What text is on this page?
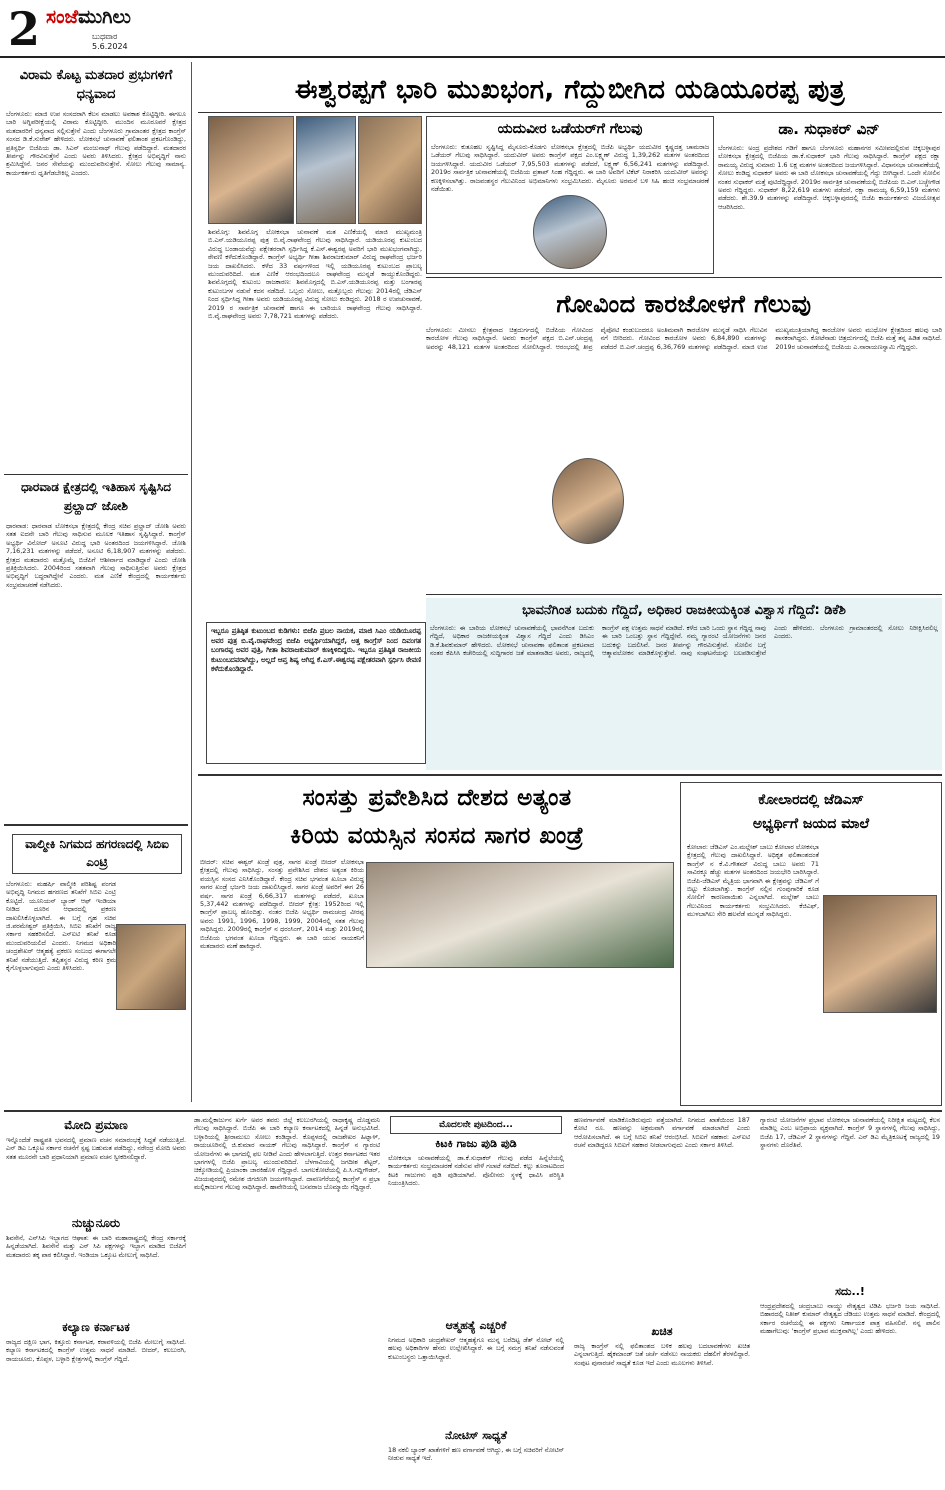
2 ಸಂಜೆಮುಗಿಲು
ಬುಧವಾರ
5.6.2024
ವಿರಾಮ ಕೊಟ್ಟ ಮತದಾರ ಪ್ರಭುಗಳಿಗೆ ಧನ್ಯವಾದ
ಬೆಂಗಳೂರು: ಮಾಜಿ ಉಪ ಸಂಸದರಾಗಿ ಕೆಲಸ ಮಾಡಲು ಅವಕಾಶ ಕೊಟ್ಟಿದ್ದೀರಿ. ಈಗಲೂ ಬಾರಿ ಅಗ್ನಿಪರೀಕ್ಷೆಯಲ್ಲಿ ವಿರಾಮ ಕೊಟ್ಟಿದ್ದೀರಿ. ಮುಂದಿನ ಮೂರೂವರೆ ಕ್ಷೇತ್ರದ ಮತದಾರರಿಗೆ ಧನ್ಯವಾದ ಸಲ್ಲಿಸುತ್ತೇನೆ ಎಂದು ಬೆಂಗಳೂರು ಗ್ರಾಮಾಂತರ ಕ್ಷೇತ್ರದ ಕಾಂಗ್ರೆಸ್ ಸಂಸದ ಡಿ.ಕೆ.ಸುರೇಶ್ ಹೇಳಿದರು. ಲೋಕಸಭೆ ಚುನಾವಣೆ ಫಲಿತಾಂಶ ಪ್ರಕಟಗೊಂಡಿದ್ದು, ಪ್ರತಿಸ್ಪರ್ಧಿ ಬಿಜೆಪಿಯ ಡಾ. ಸಿಎನ್ ಮಂಜುನಾಥ್ ಗೆಲುವು ಪಡೆದಿದ್ದಾರೆ. ಮತದಾರರ ತೀರ್ಪನ್ನು ಗೌರವಿಸುತ್ತೇನೆ ಎಂದು ಅವರು ತಿಳಿಸಿದರು. ಕ್ಷೇತ್ರದ ಅಭಿವೃದ್ಧಿಗೆ ನಾನು ಶ್ರಮಿಸಿದ್ದೇನೆ. ಜನರ ಸೇವೆಯನ್ನು ಮುಂದುವರಿಸುತ್ತೇನೆ. ಸೋಲು ಗೆಲುವು ಸಾಮಾನ್ಯ. ಕಾರ್ಯಕರ್ತರು ಧೃತಿಗೆಡಬೇಕಿಲ್ಲ ಎಂದರು.
ಧಾರವಾಡ ಕ್ಷೇತ್ರದಲ್ಲಿ ಇತಿಹಾಸ ಸೃಷ್ಟಿಸಿದ ಪ್ರಲ್ಹಾದ್ ಜೋಶಿ
ಧಾರವಾಡ: ಧಾರವಾಡ ಲೋಕಸಭಾ ಕ್ಷೇತ್ರದಲ್ಲಿ ಕೇಂದ್ರ ಸಚಿವ ಪ್ರಲ್ಹಾದ್ ಜೋಶಿ ಅವರು ಸತತ ಐದನೇ ಬಾರಿ ಗೆಲುವು ಸಾಧಿಸುವ ಮೂಲಕ ಇತಿಹಾಸ ಸೃಷ್ಟಿಸಿದ್ದಾರೆ. ಕಾಂಗ್ರೆಸ್ ಅಭ್ಯರ್ಥಿ ವಿನೋದ್ ಅಸೂಟಿ ವಿರುದ್ಧ ಭಾರಿ ಅಂತರದಿಂದ ಜಯಗಳಿಸಿದ್ದಾರೆ. ಜೋಶಿ 7,16,231 ಮತಗಳನ್ನು ಪಡೆದರೆ, ಅಸೂಟಿ 6,18,907 ಮತಗಳನ್ನು ಪಡೆದರು. ಕ್ಷೇತ್ರದ ಮತದಾರರು ಮತ್ತೊಮ್ಮೆ ಬಿಜೆಪಿಗೆ ಆಶೀರ್ವಾದ ಮಾಡಿದ್ದಾರೆ ಎಂದು ಜೋಶಿ ಪ್ರತಿಕ್ರಿಯಿಸಿದರು. 2004ರಿಂದ ಸತತವಾಗಿ ಗೆಲುವು ಸಾಧಿಸುತ್ತಿರುವ ಅವರು ಕ್ಷೇತ್ರದ ಅಭಿವೃದ್ಧಿಗೆ ಬದ್ಧರಾಗಿದ್ದೇನೆ ಎಂದರು. ಮತ ಎಣಿಕೆ ಕೇಂದ್ರದಲ್ಲಿ ಕಾರ್ಯಕರ್ತರು ಸಂಭ್ರಮಾಚರಣೆ ನಡೆಸಿದರು.
ವಾಲ್ಮೀಕಿ ನಿಗಮದ ಹಗರಣದಲ್ಲಿ ಸಿಬಿಐ ಎಂಟ್ರಿ
ಬೆಂಗಳೂರು: ಮಹರ್ಷಿ ವಾಲ್ಮೀಕಿ ಪರಿಶಿಷ್ಟ ಪಂಗಡ ಅಭಿವೃದ್ಧಿ ನಿಗಮದ ಹಗರಣದ ತನಿಖೆಗೆ ಸಿಬಿಐ ಎಂಟ್ರಿ ಕೊಟ್ಟಿದೆ. ಯೂನಿಯನ್ ಬ್ಯಾಂಕ್ ಆಫ್ ಇಂಡಿಯಾ ನೀಡಿದ ದೂರಿನ ಆಧಾರದಲ್ಲಿ ಪ್ರಕರಣ ದಾಖಲಿಸಿಕೊಳ್ಳಲಾಗಿದೆ. ಈ ಬಗ್ಗೆ ಗೃಹ ಸಚಿವ ಜಿ.ಪರಮೇಶ್ವರ್ ಪ್ರತಿಕ್ರಿಯಿಸಿ, ಸಿಬಿಐ ತನಿಖೆಗೆ ರಾಜ್ಯ ಸರ್ಕಾರ ಸಹಕರಿಸಲಿದೆ. ಎಸ್ಐಟಿ ತನಿಖೆ ಕೂಡ ಮುಂದುವರಿಯಲಿದೆ ಎಂದರು. ನಿಗಮದ ಅಧಿಕಾರಿ ಚಂದ್ರಶೇಖರ್ ಆತ್ಮಹತ್ಯೆ ಪ್ರಕರಣ ಸಂಬಂಧ ಈಗಾಗಲೇ ತನಿಖೆ ನಡೆಯುತ್ತಿದೆ. ತಪ್ಪಿತಸ್ಥರ ವಿರುದ್ಧ ಕಠಿಣ ಕ್ರಮ ಕೈಗೊಳ್ಳಲಾಗುವುದು ಎಂದು ತಿಳಿಸಿದರು.
ಈಶ್ವರಪ್ಪಗೆ ಭಾರಿ ಮುಖಭಂಗ, ಗೆದ್ದುಬೀಗಿದ ಯಡಿಯೂರಪ್ಪ ಪುತ್ರ
ಶಿವಮೊಗ್ಗ: ಶಿವಮೊಗ್ಗ ಲೋಕಸಭಾ ಚುನಾವಣೆ ಮತ ಎಣಿಕೆಯಲ್ಲಿ ಮಾಜಿ ಮುಖ್ಯಮಂತ್ರಿ ಬಿ.ಎಸ್.ಯಡಿಯೂರಪ್ಪ ಪುತ್ರ ಬಿ.ವೈ.ರಾಘವೇಂದ್ರ ಗೆಲುವು ಸಾಧಿಸಿದ್ದಾರೆ. ಯಡಿಯೂರಪ್ಪ ಕುಟುಂಬದ ವಿರುದ್ಧ ಬಂಡಾಯವೆದ್ದು ಪಕ್ಷೇತರರಾಗಿ ಸ್ಪರ್ಧಿಸಿದ್ದ ಕೆ.ಎಸ್.ಈಶ್ವರಪ್ಪ ಅವರಿಗೆ ಭಾರಿ ಮುಖಭಂಗವಾಗಿದ್ದು, ಠೇವಣಿ ಕಳೆದುಕೊಂಡಿದ್ದಾರೆ. ಕಾಂಗ್ರೆಸ್ ಅಭ್ಯರ್ಥಿ ಗೀತಾ ಶಿವರಾಜಕುಮಾರ್ ವಿರುದ್ಧ ರಾಘವೇಂದ್ರ ಭರ್ಜರಿ ಜಯ ದಾಖಲಿಸಿದರು. ಕಳೆದ 33 ವರ್ಷಗಳಿಂದ ಇಲ್ಲಿ ಯಡಿಯೂರಪ್ಪ ಕುಟುಂಬದ ಪ್ರಾಬಲ್ಯ ಮುಂದುವರಿದಿದೆ. ಮತ ಎಣಿಕೆ ಆರಂಭದಿಂದಲೂ ರಾಘವೇಂದ್ರ ಮುನ್ನಡೆ ಕಾಯ್ದುಕೊಂಡಿದ್ದರು. ಶಿವಮೊಗ್ಗದಲ್ಲಿ ಕುಟುಂಬ ರಾಜಕಾರಣ: ಶಿವಮೊಗ್ಗದಲ್ಲಿ ಬಿ.ಎಸ್.ಯಡಿಯೂರಪ್ಪ ಮತ್ತು ಬಂಗಾರಪ್ಪ ಕುಟುಂಬಗಳ ನಡುವೆ ಕದನ ನಡೆದಿದೆ. ಒಬ್ಬರು ಸೋಲು, ಮತ್ತೊಬ್ಬರು ಗೆಲುವು: 2014ರಲ್ಲಿ ಜೆಡಿಎಸ್ ನಿಂದ ಸ್ಪರ್ಧಿಸಿದ್ದ ಗೀತಾ ಅವರು ಯಡಿಯೂರಪ್ಪ ವಿರುದ್ಧ ಸೋಲು ಕಂಡಿದ್ದರು. 2018 ರ ಉಪಚುನಾವಣೆ, 2019 ರ ಸಾರ್ವತ್ರಿಕ ಚುನಾವಣೆ ಹಾಗೂ ಈ ಬಾರಿಯೂ ರಾಘವೇಂದ್ರ ಗೆಲುವು ಸಾಧಿಸಿದ್ದಾರೆ. ಬಿ.ವೈ.ರಾಘವೇಂದ್ರ ಅವರು 7,78,721 ಮತಗಳನ್ನು ಪಡೆದರು.
ಇಬ್ಬರೂ ಪ್ರತಿಷ್ಠಿತ ಕುಟುಂಬದ ಕುಡಿಗಳು: ಬಿಜೆಪಿ ಪ್ರಬಲ ನಾಯಕ, ಮಾಜಿ ಸಿಎಂ ಯಡಿಯೂರಪ್ಪ ಅವರ ಪುತ್ರ ಬಿ.ವೈ.ರಾಘವೇಂದ್ರ ಬಿಜೆಪಿ ಅಭ್ಯರ್ಥಿಯಾಗಿದ್ದರೆ, ಅತ್ತ ಕಾಂಗ್ರೆಸ್ ನಿಂದ ದಿವಂಗತ ಬಂಗಾರಪ್ಪ ಅವರ ಪುತ್ರಿ, ಗೀತಾ ಶಿವರಾಜಕುಮಾರ್ ಕಣಕ್ಕಿಳಿದಿದ್ದರು. ಇಬ್ಬರೂ ಪ್ರತಿಷ್ಠಿತ ರಾಜಕೀಯ ಕುಟುಂಬದವರಾಗಿದ್ದು, ಅಲ್ಲದೆ ಆಪ್ತ ಶಿಷ್ಯ ಆಗಿದ್ದ ಕೆ.ಎಸ್.ಈಶ್ವರಪ್ಪ ಪಕ್ಷೇತರವಾಗಿ ಸ್ಪರ್ಧಿಸಿ ಠೇವಣಿ ಕಳೆದುಕೊಂಡಿದ್ದಾರೆ.
ಯದುವೀರ ಒಡೆಯರ್‌ಗೆ ಗೆಲುವು
ಬೆಂಗಳೂರು: ಕುತೂಹಲ ಸೃಷ್ಟಿಸಿದ್ದ ಮೈಸೂರು-ಕೊಡಗು ಲೋಕಸಭಾ ಕ್ಷೇತ್ರದಲ್ಲಿ ಬಿಜೆಪಿ ಅಭ್ಯರ್ಥಿ ಯದುವೀರ ಕೃಷ್ಣದತ್ತ ಚಾಮರಾಜ ಒಡೆಯರ್ ಗೆಲುವು ಸಾಧಿಸಿದ್ದಾರೆ. ಯದುವೀರ್ ಅವರು ಕಾಂಗ್ರೆಸ್ ಪಕ್ಷದ ಎಂ.ಲಕ್ಷ್ಮಣ್ ವಿರುದ್ಧ 1,39,262 ಮತಗಳ ಅಂತರದಿಂದ ಜಯಗಳಿಸಿದ್ದಾರೆ. ಯದುವೀರ ಒಡೆಯರ್ 7,95,503 ಮತಗಳನ್ನು ಪಡೆದರೆ, ಲಕ್ಷ್ಮಣ್ 6,56,241 ಮತಗಳನ್ನು ಪಡೆದಿದ್ದಾರೆ. 2019ರ ಸಾರ್ವತ್ರಿಕ ಚುನಾವಣೆಯಲ್ಲಿ ಬಿಜೆಪಿಯ ಪ್ರತಾಪ್ ಸಿಂಹ ಗೆದ್ದಿದ್ದರು. ಈ ಬಾರಿ ಅವರಿಗೆ ಟಿಕೆಟ್ ನಿರಾಕರಿಸಿ ಯದುವೀರ್ ಅವರನ್ನು ಕಣಕ್ಕಿಳಿಸಲಾಗಿತ್ತು. ರಾಜವಂಶಸ್ಥರ ಗೆಲುವಿನಿಂದ ಅಭಿಮಾನಿಗಳು ಸಂಭ್ರಮಿಸಿದರು. ಮೈಸೂರು ಅರಮನೆ ಬಳಿ ಸಿಹಿ ಹಂಚಿ ಸಂಭ್ರಮಾಚರಣೆ ನಡೆಯಿತು.
ಡಾ. ಸುಧಾಕರ್ ವಿನ್
ಬೆಂಗಳೂರು: ಅಂದ್ರ ಪ್ರದೇಶದ ಗಡಿಗೆ ಹಾಗೂ ಬೆಂಗಳೂರು ಮಹಾನಗರ ಸಮೀಪದಲ್ಲಿರುವ ಚಿಕ್ಕಬಳ್ಳಾಪುರ ಲೋಕಸಭಾ ಕ್ಷೇತ್ರದಲ್ಲಿ ಬಿಜೆಪಿಯ ಡಾ.ಕೆ.ಸುಧಾಕರ್ ಭಾರಿ ಗೆಲುವು ಸಾಧಿಸಿದ್ದಾರೆ. ಕಾಂಗ್ರೆಸ್ ಪಕ್ಷದ ರಕ್ಷಾ ರಾಮಯ್ಯ ವಿರುದ್ಧ ಸುಮಾರು 1.6 ಲಕ್ಷ ಮತಗಳ ಅಂತರದಿಂದ ಜಯಗಳಿಸಿದ್ದಾರೆ. ವಿಧಾನಸಭಾ ಚುನಾವಣೆಯಲ್ಲಿ ಸೋಲು ಕಂಡಿದ್ದ ಸುಧಾಕರ್ ಅವರು ಈ ಬಾರಿ ಲೋಕಸಭಾ ಚುನಾವಣೆಯಲ್ಲಿ ಗೆದ್ದು ಬೀಗಿದ್ದಾರೆ. ಒಂದೇ ಸೋಲಿನ ನಂತರ ಸುಧಾಕರ್ ಮತ್ತೆ ಪುಟಿದೆದ್ದಿದ್ದಾರೆ. 2019ರ ಸಾರ್ವತ್ರಿಕ ಚುನಾವಣೆಯಲ್ಲಿ ಬಿಜೆಪಿಯ ಬಿ.ಎನ್.ಬಚ್ಚೇಗೌಡ ಅವರು ಗೆದ್ದಿದ್ದರು. ಸುಧಾಕರ್ 8,22,619 ಮತಗಳು ಪಡೆದರೆ, ರಕ್ಷಾ ರಾಮಯ್ಯ 6,59,159 ಮತಗಳು ಪಡೆದರು. ಶೇ.39.9 ಮತಗಳನ್ನು ಪಡೆದಿದ್ದಾರೆ. ಚಿಕ್ಕಬಳ್ಳಾಪುರದಲ್ಲಿ ಬಿಜೆಪಿ ಕಾರ್ಯಕರ್ತರು ವಿಜಯೋತ್ಸವ ಆಚರಿಸಿದರು.
ಗೋವಿಂದ ಕಾರಜೋಳಗೆ ಗೆಲುವು
ಬೆಂಗಳೂರು: ಮೀಸಲು ಕ್ಷೇತ್ರವಾದ ಚಿತ್ರದುರ್ಗದಲ್ಲಿ ಬಿಜೆಪಿಯ ಗೋವಿಂದ ಕಾರಜೋಳ ಗೆಲುವು ಸಾಧಿಸಿದ್ದಾರೆ. ಅವರು ಕಾಂಗ್ರೆಸ್ ಪಕ್ಷದ ಬಿ.ಎನ್.ಚಂದ್ರಪ್ಪ ಅವರನ್ನು 48,121 ಮತಗಳ ಅಂತರದಿಂದ ಸೋಲಿಸಿದ್ದಾರೆ. ಆರಂಭದಲ್ಲಿ ತೀವ್ರ ಪೈಪೋಟಿ ಕಂಡುಬಂದರೂ ಅಂತಿಮವಾಗಿ ಕಾರಜೋಳ ಮುನ್ನಡೆ ಸಾಧಿಸಿ ಗೆಲುವಿನ ನಗೆ ಬೀರಿದರು. ಗೋವಿಂದ ಕಾರಜೋಳ ಅವರು 6,84,890 ಮತಗಳನ್ನು ಪಡೆದರೆ ಬಿ.ಎನ್.ಚಂದ್ರಪ್ಪ 6,36,769 ಮತಗಳನ್ನು ಪಡೆದಿದ್ದಾರೆ. ಮಾಜಿ ಉಪ ಮುಖ್ಯಮಂತ್ರಿಯಾಗಿದ್ದ ಕಾರಜೋಳ ಅವರು ಮುಧೋಳ ಕ್ಷೇತ್ರದಿಂದ ಹಲವು ಬಾರಿ ಶಾಸಕರಾಗಿದ್ದರು. ಕೋಟೆನಾಡು ಚಿತ್ರದುರ್ಗದಲ್ಲಿ ಬಿಜೆಪಿ ಮತ್ತೆ ತನ್ನ ಹಿಡಿತ ಸಾಧಿಸಿದೆ. 2019ರ ಚುನಾವಣೆಯಲ್ಲಿ ಬಿಜೆಪಿಯ ಎ.ನಾರಾಯಣಸ್ವಾಮಿ ಗೆದ್ದಿದ್ದರು.
ಭಾವನೆಗಿಂತ ಬದುಕು ಗೆದ್ದಿದೆ, ಅಧಿಕಾರ ರಾಜಕೀಯಕ್ಕಿಂತ ವಿಶ್ವಾಸ ಗೆದ್ದಿದೆ: ಡಿಕೆಶಿ
ಬೆಂಗಳೂರು: ಈ ಬಾರಿಯ ಲೋಕಸಭೆ ಚುನಾವಣೆಯಲ್ಲಿ ಭಾವನೆಗಿಂತ ಬದುಕು ಗೆದ್ದಿದೆ, ಅಧಿಕಾರ ರಾಜಕೀಯಕ್ಕಿಂತ ವಿಶ್ವಾಸ ಗೆದ್ದಿದೆ ಎಂದು ಡಿಸಿಎಂ ಡಿ.ಕೆ.ಶಿವಕುಮಾರ್ ಹೇಳಿದರು. ಲೋಕಸಭೆ ಚುನಾವಣಾ ಫಲಿತಾಂಶ ಪ್ರಕಟವಾದ ನಂತರ ಕೆಪಿಸಿಸಿ ಕಚೇರಿಯಲ್ಲಿ ಸುದ್ದಿಗಾರರ ಜತೆ ಮಾತನಾಡಿದ ಅವರು, ರಾಜ್ಯದಲ್ಲಿ ಕಾಂಗ್ರೆಸ್ ಪಕ್ಷ ಉತ್ತಮ ಸಾಧನೆ ಮಾಡಿದೆ. ಕಳೆದ ಬಾರಿ ಒಂದು ಸ್ಥಾನ ಗೆದ್ದಿದ್ದ ನಾವು ಈ ಬಾರಿ ಒಂಬತ್ತು ಸ್ಥಾನ ಗೆದ್ದಿದ್ದೇವೆ. ನಮ್ಮ ಗ್ಯಾರಂಟಿ ಯೋಜನೆಗಳು ಜನರ ಬದುಕನ್ನು ಬದಲಿಸಿವೆ. ಜನರ ತೀರ್ಪನ್ನು ಗೌರವಿಸುತ್ತೇವೆ. ಸೋಲಿನ ಬಗ್ಗೆ ಆತ್ಮಾವಲೋಕನ ಮಾಡಿಕೊಳ್ಳುತ್ತೇವೆ. ನಾವು ಸಂಘಟನೆಯನ್ನು ಬಲಪಡಿಸುತ್ತೇವೆ ಎಂದು ಹೇಳಿದರು. ಬೆಂಗಳೂರು ಗ್ರಾಮಾಂತರದಲ್ಲಿ ಸೋಲು ನಿರೀಕ್ಷಿಸಿರಲಿಲ್ಲ ಎಂದರು.
ಸಂಸತ್ತು ಪ್ರವೇಶಿಸಿದ ದೇಶದ ಅತ್ಯಂತ
ಕಿರಿಯ ವಯಸ್ಸಿನ ಸಂಸದ ಸಾಗರ ಖಂಡ್ರೆ
ಬೀದರ್: ಸಚಿವ ಈಶ್ವರ್ ಖಂಡ್ರೆ ಪುತ್ರ, ಸಾಗರ ಖಂಡ್ರೆ ಬೀದರ್ ಲೋಕಸಭಾ ಕ್ಷೇತ್ರದಲ್ಲಿ ಗೆಲುವು ಸಾಧಿಸಿದ್ದು, ಸಂಸತ್ತು ಪ್ರವೇಶಿಸಿದ ದೇಶದ ಅತ್ಯಂತ ಕಿರಿಯ ವಯಸ್ಸಿನ ಸಂಸದ ಎನಿಸಿಕೊಂಡಿದ್ದಾರೆ. ಕೇಂದ್ರ ಸಚಿವ ಭಗವಂತ ಖೂಬಾ ವಿರುದ್ಧ ಸಾಗರ ಖಂಡ್ರೆ ಭರ್ಜರಿ ಜಯ ದಾಖಲಿಸಿದ್ದಾರೆ. ಸಾಗರ ಖಂಡ್ರೆ ಅವರಿಗೆ ಈಗ 26 ವರ್ಷ. ಸಾಗರ ಖಂಡ್ರೆ 6,66,317 ಮತಗಳನ್ನು ಪಡೆದರೆ, ಖೂಬಾ 5,37,442 ಮತಗಳನ್ನು ಪಡೆದಿದ್ದಾರೆ. ಬೀದರ್ ಕ್ಷೇತ್ರ: 1952ರಿಂದ ಇಲ್ಲಿ ಕಾಂಗ್ರೆಸ್ ಪ್ರಾಬಲ್ಯ ಹೊಂದಿತ್ತು. ನಂತರ ಬಿಜೆಪಿ ಅಭ್ಯರ್ಥಿ ರಾಮಚಂದ್ರ ವೀರಪ್ಪ ಅವರು 1991, 1996, 1998, 1999, 2004ರಲ್ಲಿ ಸತತ ಗೆಲುವು ಸಾಧಿಸಿದ್ದರು. 2009ರಲ್ಲಿ ಕಾಂಗ್ರೆಸ್ ನ ಧರಂಸಿಂಗ್, 2014 ಮತ್ತು 2019ರಲ್ಲಿ ಬಿಜೆಪಿಯ ಭಗವಂತ ಖೂಬಾ ಗೆದ್ದಿದ್ದರು. ಈ ಬಾರಿ ಯುವ ನಾಯಕನಿಗೆ ಮತದಾರರು ಮಣೆ ಹಾಕಿದ್ದಾರೆ.
ಕೋಲಾರದಲ್ಲಿ ಜೆಡಿಎಸ್
ಅಭ್ಯರ್ಥಿಗೆ ಜಯದ ಮಾಲೆ
ಕೋಲಾರ: ಜೆಡಿಎಸ್ ಎಂ.ಮಲ್ಲೇಶ್ ಬಾಬು ಕೋಲಾರ ಲೋಕಸಭಾ ಕ್ಷೇತ್ರದಲ್ಲಿ ಗೆಲುವು ದಾಖಲಿಸಿದ್ದಾರೆ. ಅಧಿಕೃತ ಫಲಿತಾಂಶದಂತೆ ಕಾಂಗ್ರೆಸ್ ನ ಕೆ.ವಿ.ಗೌತಮ್ ವಿರುದ್ಧ ಬಾಬು ಅವರು 71 ಸಾವಿರಕ್ಕೂ ಹೆಚ್ಚು ಮತಗಳ ಅಂತರದಿಂದ ಜಯಭೇರಿ ಬಾರಿಸಿದ್ದಾರೆ. ಬಿಜೆಪಿ-ಜೆಡಿಎಸ್ ಮೈತ್ರಿಯ ಭಾಗವಾಗಿ ಈ ಕ್ಷೇತ್ರವನ್ನು ಜೆಡಿಎಸ್ ಗೆ ಬಿಟ್ಟು ಕೊಡಲಾಗಿತ್ತು. ಕಾಂಗ್ರೆಸ್ ನಲ್ಲಿನ ಗುಂಪುಗಾರಿಕೆ ಕೂಡ ಸೋಲಿಗೆ ಕಾರಣವಾಯಿತು ಎನ್ನಲಾಗಿದೆ. ಮಲ್ಲೇಶ್ ಬಾಬು ಗೆಲುವಿನಿಂದ ಕಾರ್ಯಕರ್ತರು ಸಂಭ್ರಮಿಸಿದರು. ಕೆಜಿಎಫ್, ಮುಳಬಾಗಿಲು ಸೇರಿ ಹಲವೆಡೆ ಮುನ್ನಡೆ ಸಾಧಿಸಿದ್ದರು.
ಮೋದಿ ಪ್ರಮಾಣ
ಇನ್ನೊಂದೆಡೆ ರಾಷ್ಟ್ರಪತಿ ಭವನದಲ್ಲಿ ಪ್ರಮಾಣ ವಚನ ಸಮಾರಂಭಕ್ಕೆ ಸಿದ್ಧತೆ ನಡೆಯುತ್ತಿದೆ. ಎನ್ ಡಿಎ ಒಕ್ಕೂಟ ಸರ್ಕಾರ ರಚನೆಗೆ ಸ್ಪಷ್ಟ ಬಹುಮತ ಪಡೆದಿದ್ದು, ನರೇಂದ್ರ ಮೋದಿ ಅವರು ಸತತ ಮೂರನೇ ಬಾರಿ ಪ್ರಧಾನಿಯಾಗಿ ಪ್ರಮಾಣ ವಚನ ಸ್ವೀಕರಿಸಲಿದ್ದಾರೆ.
ನುಚ್ಚುನೂರು
ಶಿವಸೇನೆ, ಎನ್‌ಸಿಪಿ ಇಬ್ಭಾಗದ ಆಘಾತ: ಈ ಬಾರಿ ಮಹಾರಾಷ್ಟ್ರದಲ್ಲಿ ಕೇಂದ್ರ ಸರ್ಕಾರಕ್ಕೆ ಹಿನ್ನಡೆಯಾಗಿದೆ. ಶಿವಸೇನೆ ಮತ್ತು ಎನ್ ಸಿಪಿ ಪಕ್ಷಗಳನ್ನು ಇಬ್ಭಾಗ ಮಾಡಿದ ಬಿಜೆಪಿಗೆ ಮತದಾರರು ತಕ್ಕ ಪಾಠ ಕಲಿಸಿದ್ದಾರೆ. ಇಂಡಿಯಾ ಒಕ್ಕೂಟ ಮೇಲುಗೈ ಸಾಧಿಸಿದೆ.
ಕಲ್ಯಾಣ ಕರ್ನಾಟಕ
ರಾಜ್ಯದ ದಕ್ಷಿಣ ಭಾಗ, ಕಿತ್ತೂರು ಕರ್ನಾಟಕ, ಕರಾವಳಿಯಲ್ಲಿ ಬಿಜೆಪಿ ಮೇಲುಗೈ ಸಾಧಿಸಿದೆ. ಕಲ್ಯಾಣ ಕರ್ನಾಟಕದಲ್ಲಿ ಕಾಂಗ್ರೆಸ್ ಉತ್ತಮ ಸಾಧನೆ ಮಾಡಿದೆ. ಬೀದರ್, ಕಲಬುರಗಿ, ರಾಯಚೂರು, ಕೊಪ್ಪಳ, ಬಳ್ಳಾರಿ ಕ್ಷೇತ್ರಗಳಲ್ಲಿ ಕಾಂಗ್ರೆಸ್ ಗೆದ್ದಿದೆ.
ಡಾ.ಮಲ್ಲಿಕಾರ್ಜುನ ಖರ್ಗೆ ಅವರ ತವರು ಜಿಲ್ಲೆ ಕಲಬುರಗಿಯಲ್ಲಿ ರಾಧಾಕೃಷ್ಣ ದೊಡ್ಡಮನಿ ಗೆಲುವು ಸಾಧಿಸಿದ್ದಾರೆ. ಬಿಜೆಪಿ ಈ ಬಾರಿ ಕಲ್ಯಾಣ ಕರ್ನಾಟಕದಲ್ಲಿ ಹಿನ್ನಡೆ ಅನುಭವಿಸಿದೆ. ಬಳ್ಳಾರಿಯಲ್ಲಿ ಶ್ರೀರಾಮುಲು ಸೋಲು ಕಂಡಿದ್ದಾರೆ. ಕೊಪ್ಪಳದಲ್ಲಿ ರಾಜಶೇಖರ ಹಿಟ್ನಾಳ್, ರಾಯಚೂರಿನಲ್ಲಿ ಜಿ.ಕುಮಾರ ನಾಯಕ್ ಗೆಲುವು ಸಾಧಿಸಿದ್ದಾರೆ. ಕಾಂಗ್ರೆಸ್ ನ ಗ್ಯಾರಂಟಿ ಯೋಜನೆಗಳು ಈ ಭಾಗದಲ್ಲಿ ಫಲ ನೀಡಿವೆ ಎಂದು ಹೇಳಲಾಗುತ್ತಿದೆ. ಉತ್ತರ ಕರ್ನಾಟಕದ ಇತರ ಭಾಗಗಳಲ್ಲಿ ಬಿಜೆಪಿ ಪ್ರಾಬಲ್ಯ ಮುಂದುವರಿದಿದೆ. ಬೆಳಗಾವಿಯಲ್ಲಿ ಜಗದೀಶ ಶೆಟ್ಟರ್, ಚಿಕ್ಕೋಡಿಯಲ್ಲಿ ಪ್ರಿಯಾಂಕಾ ಜಾರಕಿಹೊಳಿ ಗೆದ್ದಿದ್ದಾರೆ. ಬಾಗಲಕೋಟೆಯಲ್ಲಿ ಪಿ.ಸಿ.ಗದ್ದಿಗೌಡರ್, ವಿಜಯಪುರದಲ್ಲಿ ರಮೇಶ ಜಿಗಜಿಣಗಿ ಜಯಗಳಿಸಿದ್ದಾರೆ. ದಾವಣಗೆರೆಯಲ್ಲಿ ಕಾಂಗ್ರೆಸ್ ನ ಪ್ರಭಾ ಮಲ್ಲಿಕಾರ್ಜುನ ಗೆಲುವು ಸಾಧಿಸಿದ್ದಾರೆ. ಹಾವೇರಿಯಲ್ಲಿ ಬಸವರಾಜ ಬೊಮ್ಮಾಯಿ ಗೆದ್ದಿದ್ದಾರೆ.
ಮೊದಲನೇ ಪುಟದಿಂದ...
ಕಿಟಕಿ ಗಾಜು ಪುಡಿ ಪುಡಿ
ಲೋಕಸಭಾ ಚುನಾವಣೆಯಲ್ಲಿ ಡಾ.ಕೆ.ಸುಧಾಕರ್ ಗೆಲುವು ಪಡೆದ ಹಿನ್ನೆಲೆಯಲ್ಲಿ ಕಾರ್ಯಕರ್ತರು ಸಂಭ್ರಮಾಚರಣೆ ನಡೆಸುವ ವೇಳೆ ಗಲಾಟೆ ನಡೆದಿದೆ. ಕಲ್ಲು ತೂರಾಟದಿಂದ ಕಿಟಕಿ ಗಾಜುಗಳು ಪುಡಿ ಪುಡಿಯಾಗಿವೆ. ಪೊಲೀಸರು ಸ್ಥಳಕ್ಕೆ ಧಾವಿಸಿ ಪರಿಸ್ಥಿತಿ ನಿಯಂತ್ರಿಸಿದರು.
ಆತ್ಮಹತ್ಯೆ ಎಚ್ಚರಿಕೆ
ನಿಗಮದ ಅಧಿಕಾರಿ ಚಂದ್ರಶೇಖರ್ ಆತ್ಮಹತ್ಯೆಗೂ ಮುನ್ನ ಬರೆದಿಟ್ಟ ಡೆತ್ ನೋಟ್ ನಲ್ಲಿ ಹಲವು ಅಧಿಕಾರಿಗಳ ಹೆಸರು ಉಲ್ಲೇಖಿಸಿದ್ದಾರೆ. ಈ ಬಗ್ಗೆ ಸಮಗ್ರ ತನಿಖೆ ನಡೆಸುವಂತೆ ಕುಟುಂಬಸ್ಥರು ಒತ್ತಾಯಿಸಿದ್ದಾರೆ.
ನೋಟಿಸ್ ಸಾಧ್ಯತೆ
18 ನಕಲಿ ಬ್ಯಾಂಕ್ ಖಾತೆಗಳಿಗೆ ಹಣ ವರ್ಗಾವಣೆ ಆಗಿದ್ದು, ಈ ಬಗ್ಗೆ ಸಚಿವರಿಗೆ ನೋಟಿಸ್ ನೀಡುವ ಸಾಧ್ಯತೆ ಇದೆ.
ಹಣವರ್ಗಾವಣೆ ಮಾಡಿಕೊಂಡಿರುವುದು ಪತ್ತೆಯಾಗಿದೆ. ನಿಗಮದ ಖಾತೆಯಿಂದ 187 ಕೋಟಿ ರೂ. ಹಣವನ್ನು ಅಕ್ರಮವಾಗಿ ವರ್ಗಾವಣೆ ಮಾಡಲಾಗಿದೆ ಎಂದು ಆರೋಪಿಸಲಾಗಿದೆ. ಈ ಬಗ್ಗೆ ಸಿಬಿಐ ತನಿಖೆ ಆರಂಭಿಸಿದೆ. ಸಿಬಿಐಗೆ ಸಹಕಾರ: ಎಸ್‌ಐಟಿ ರಚನೆ ಮಾಡಿದ್ದರೂ ಸಿಬಿಐಗೆ ಸಹಕಾರ ನೀಡಲಾಗುವುದು ಎಂದು ಸರ್ಕಾರ ತಿಳಿಸಿದೆ.
ಖಚಿತ
ರಾಜ್ಯ ಕಾಂಗ್ರೆಸ್ ನಲ್ಲಿ ಫಲಿತಾಂಶದ ಬಳಿಕ ಹಲವು ಬದಲಾವಣೆಗಳು ಖಚಿತ ಎನ್ನಲಾಗುತ್ತಿದೆ. ಹೈಕಮಾಂಡ್ ಜತೆ ಚರ್ಚೆ ನಡೆಸಲು ನಾಯಕರು ದೆಹಲಿಗೆ ತೆರಳಲಿದ್ದಾರೆ. ಸಂಪುಟ ಪುನಾರಚನೆ ಸಾಧ್ಯತೆ ಕೂಡ ಇದೆ ಎಂದು ಮೂಲಗಳು ತಿಳಿಸಿವೆ.
ಗ್ಯಾರಂಟಿ ಯೋಜನೆಗಳ ಪ್ರಭಾವ ಲೋಕಸಭಾ ಚುನಾವಣೆಯಲ್ಲಿ ನಿರೀಕ್ಷಿತ ಮಟ್ಟದಲ್ಲಿ ಕೆಲಸ ಮಾಡಿಲ್ಲ ಎಂಬ ಅಭಿಪ್ರಾಯ ವ್ಯಕ್ತವಾಗಿದೆ. ಕಾಂಗ್ರೆಸ್ 9 ಸ್ಥಾನಗಳಲ್ಲಿ ಗೆಲುವು ಸಾಧಿಸಿದ್ದು, ಬಿಜೆಪಿ 17, ಜೆಡಿಎಸ್ 2 ಸ್ಥಾನಗಳನ್ನು ಗೆದ್ದಿವೆ. ಎನ್ ಡಿಎ ಮೈತ್ರಿಕೂಟಕ್ಕೆ ರಾಜ್ಯದಲ್ಲಿ 19 ಸ್ಥಾನಗಳು ದೊರೆತಿವೆ.
ಸದು..!
ಆಂಧ್ರಪ್ರದೇಶದಲ್ಲಿ ಚಂದ್ರಬಾಬು ನಾಯ್ಡು ನೇತೃತ್ವದ ಟಿಡಿಪಿ ಭರ್ಜರಿ ಜಯ ಸಾಧಿಸಿದೆ. ಬಿಹಾರದಲ್ಲಿ ನಿತೀಶ್ ಕುಮಾರ್ ನೇತೃತ್ವದ ಜೆಡಿಯು ಉತ್ತಮ ಸಾಧನೆ ಮಾಡಿದೆ. ಕೇಂದ್ರದಲ್ಲಿ ಸರ್ಕಾರ ರಚನೆಯಲ್ಲಿ ಈ ಪಕ್ಷಗಳು ನಿರ್ಣಾಯಕ ಪಾತ್ರ ವಹಿಸಲಿವೆ. ನನ್ನ ಪಾಲಿನ ಮಹಾಗೆಲುವು: 'ಕಾಂಗ್ರೆಸ್ ಪ್ರಭಾವ ಮುಕ್ತವಾಗಿಲ್ಲ' ಎಂದು ಹೇಳಿದರು.
